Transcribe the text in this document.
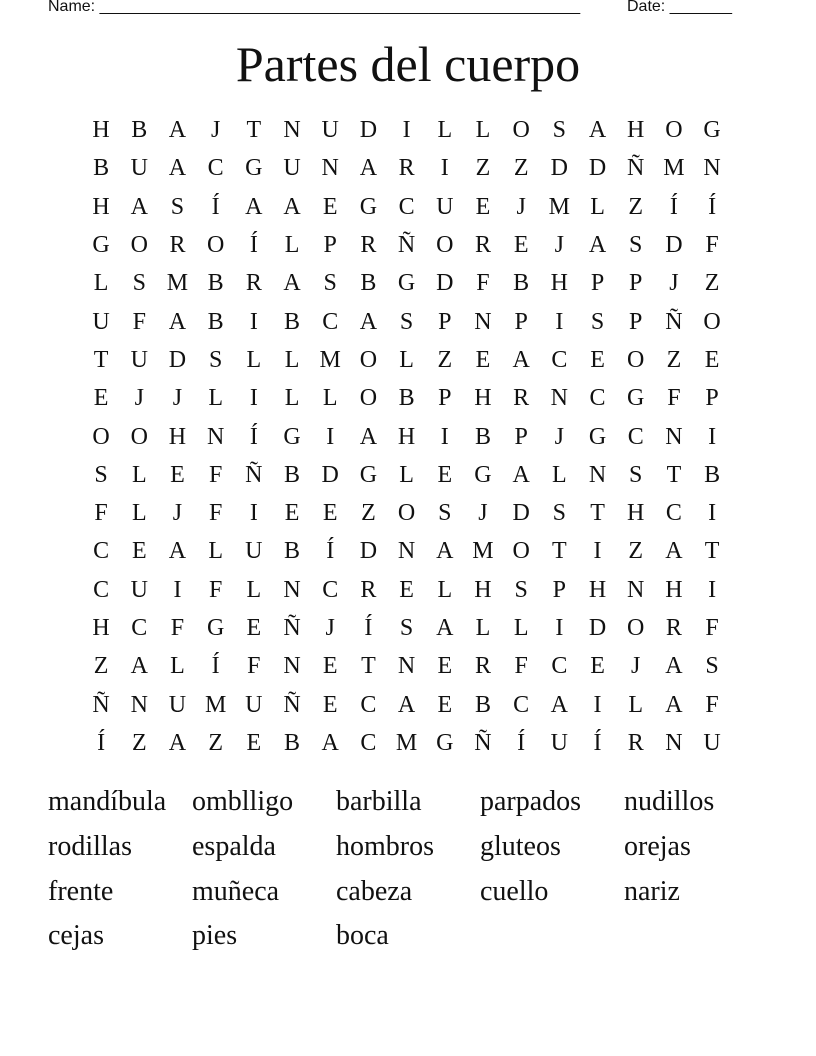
Name: ______________________________________________________	Date: _______
Partes del cuerpo
H B A	J	T N U D	I	L L O S A H O G
B U A C G U N A R	I	Z Z D D Ñ M N
H A S	Í	A A E G C U E	J M L Z	Í	Í
G O R O	Í	L	P R Ñ O R E	J	A S D F
L	S M B R A S B G D F B H P	P	J	Z
U F A B	I	B C A S	P N P	I	S	P Ñ O
T U D S	L L M O L Z E A C E O Z E
E	J	J	L	I	L L O B P H R N C G F	P
O O H N	Í	G	I	A H	I	B P	J	G C N	I
S	L E	F Ñ B D G L E G A L N S	T B
F	L	J	F	I	E E Z O S	J	D S	T H C	I
C E A L U B	Í	D N A M O T	I	Z A T
C U	I	F	L N C R E L H S	P H N H	I
H C F G E Ñ	J	Í	S A L L	I	D O R F
Z A L	Í	F N E T N E R F C E	J	A S
Ñ N U M U Ñ E C A E B C A	I	L A F
Í	Z A Z E B A C M G Ñ	Í	U	Í	R N U
mandíbula omblligo	barbilla	parpados	nudillos
rodillas	espalda	hombros	gluteos	orejas
frente	muñeca	cabeza	cuello	nariz
cejas	pies	boca
